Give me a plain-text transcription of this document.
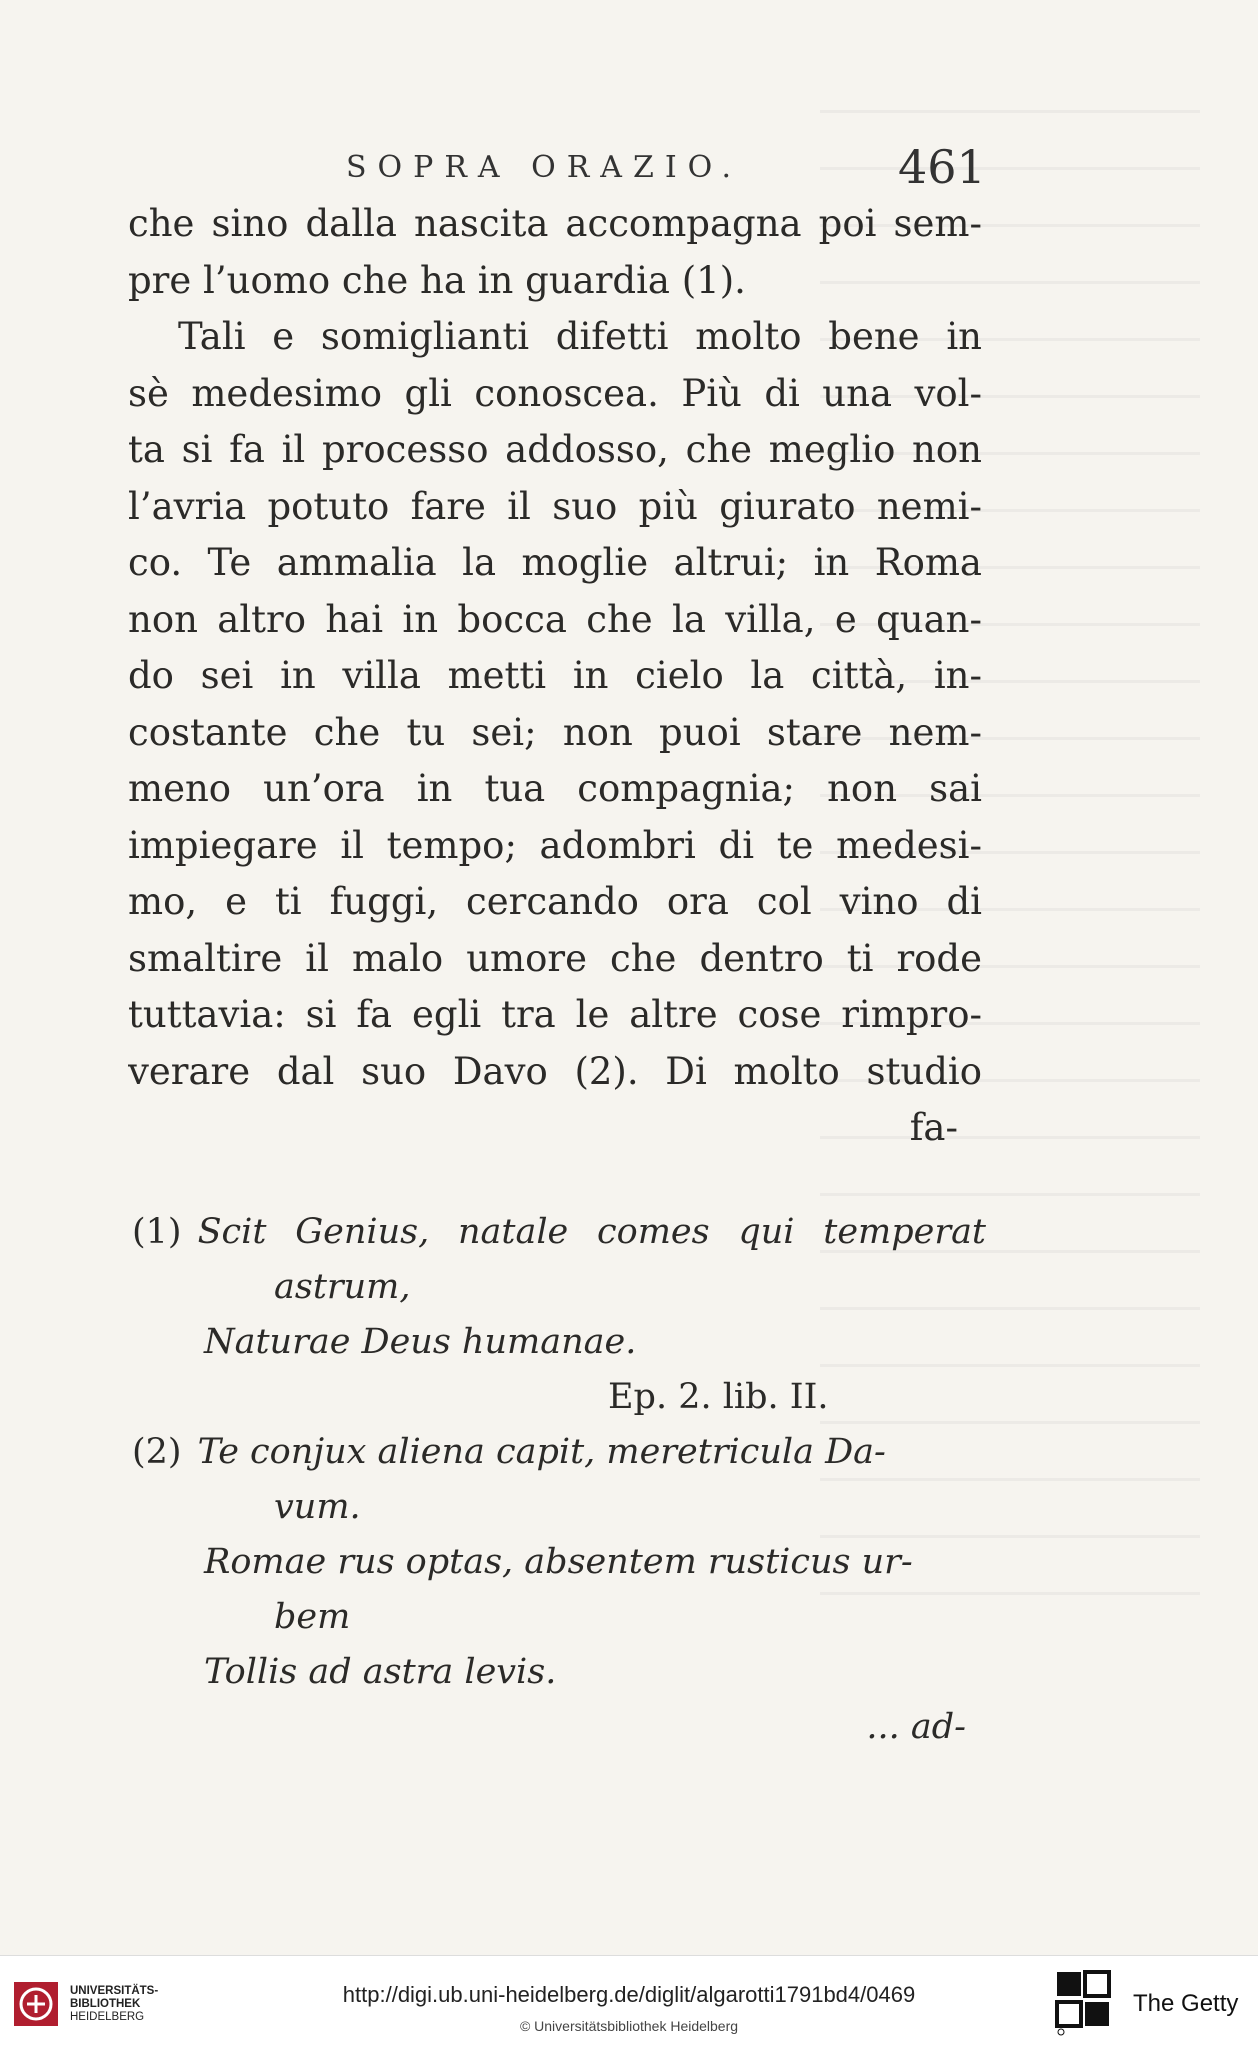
SOPRA ORAZIO.	461
che sino dalla nascita accompagna poi sem-
pre l’uomo che ha in guardia (1).
Tali e somiglianti difetti molto bene in
sè medesimo gli conoscea. Più di una vol-
ta si fa il processo addosso, che meglio non
l’avria potuto fare il suo più giurato nemi-
co. Te ammalia la moglie altrui; in Roma
non altro hai in bocca che la villa, e quan-
do sei in villa metti in cielo la città, in-
costante che tu sei; non puoi stare nem-
meno un’ora in tua compagnia; non sai
impiegare il tempo; adombri di te medesi-
mo, e ti fuggi, cercando ora col vino di
smaltire il malo umore che dentro ti rode
tuttavia: si fa egli tra le altre cose rimpro-
verare dal suo Davo (2). Di molto studio
fa-
(1) Scit Genius, natale comes qui temperat
astrum,
Naturae Deus humanae.
Ep. 2. lib. II.
(2) Te conjux aliena capit, meretricula Da-
vum.
Romae rus optas, absentem rusticus ur-
bem
Tollis ad astra levis.
... ad-
UNIVERSITÄTS-
BIBLIOTHEK
HEIDELBERG
http://digi.ub.uni-heidelberg.de/diglit/algarotti1791bd4/0469
© Universitätsbibliothek Heidelberg
The Getty
